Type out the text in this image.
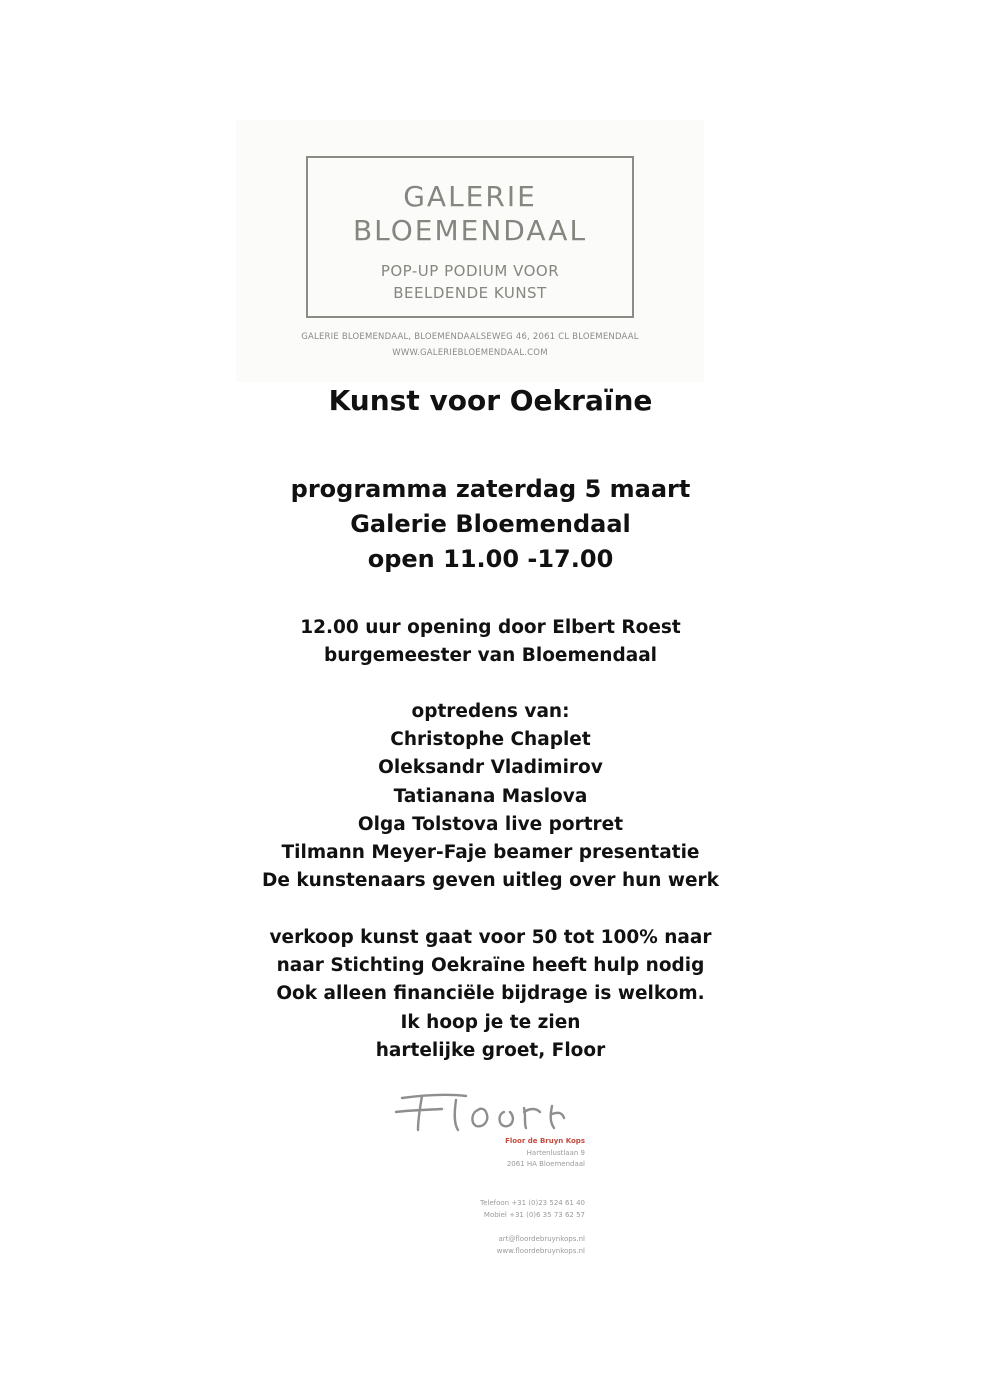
GALERIE
BLOEMENDAAL
POP-UP PODIUM VOOR
BEELDENDE KUNST
GALERIE BLOEMENDAAL, BLOEMENDAALSEWEG 46, 2061 CL BLOEMENDAAL
WWW.GALERIEBLOEMENDAAL.COM
Kunst voor Oekraïne
programma zaterdag 5 maart
Galerie Bloemendaal
open 11.00 -17.00
12.00 uur opening door Elbert Roest
burgemeester van Bloemendaal
optredens van:
Christophe Chaplet
Oleksandr Vladimirov
Tatianana Maslova
Olga Tolstova live portret
Tilmann Meyer-Faje beamer presentatie
De kunstenaars geven uitleg over hun werk
verkoop kunst gaat voor 50 tot 100% naar
naar Stichting Oekraïne heeft hulp nodig
Ook alleen financiële bijdrage is welkom.
Ik hoop je te zien
hartelijke groet, Floor
Floor de Bruyn Kops
Hartenlustlaan 9
2061 HA Bloemendaal
Telefoon +31 (0)23 524 61 40
Mobiel +31 (0)6 35 73 62 57
art@floordebruynkops.nl
www.floordebruynkops.nl
